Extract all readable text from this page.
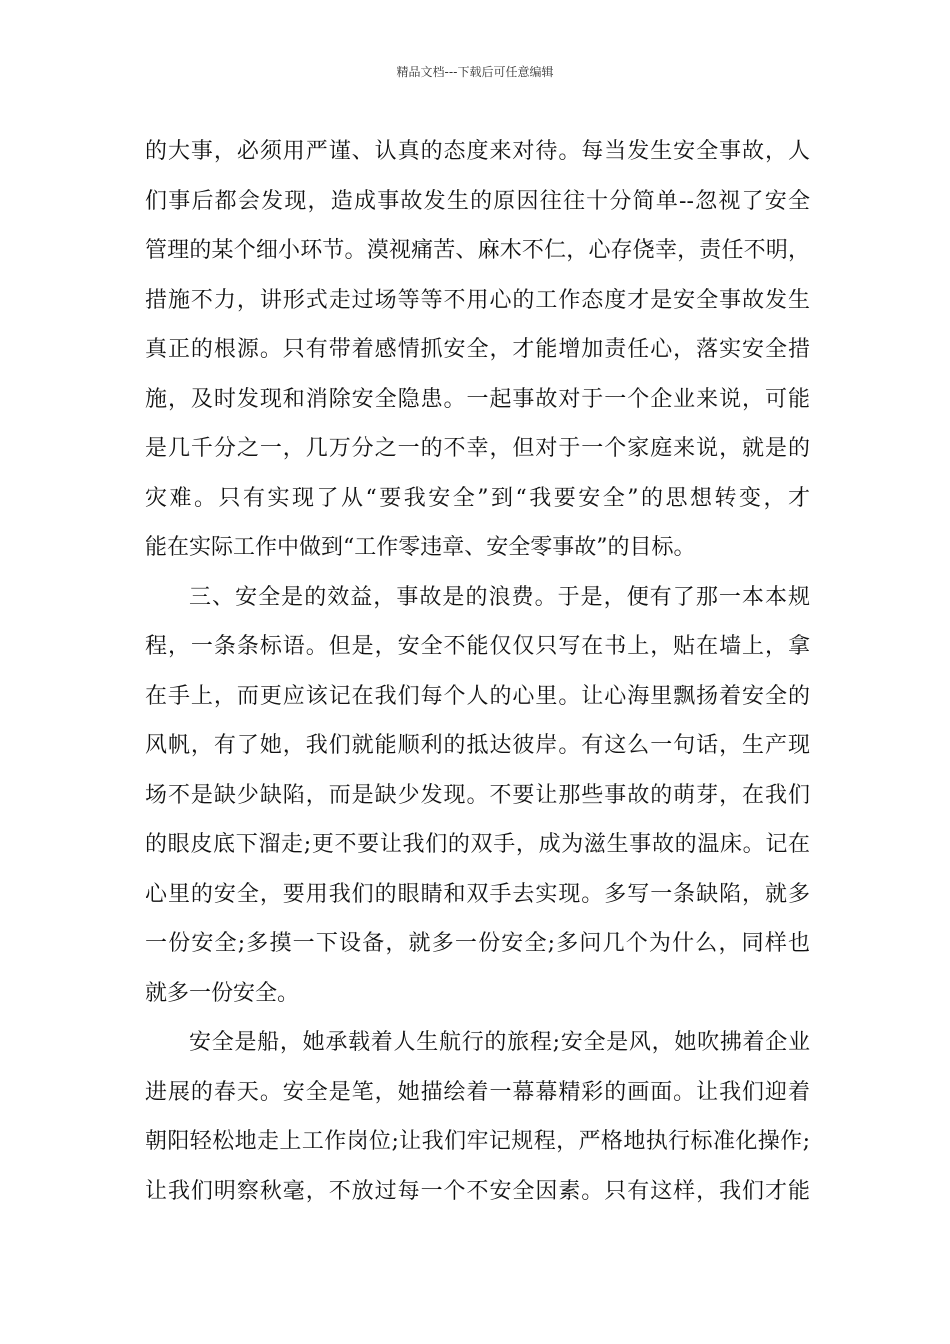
精品文档---下载后可任意编辑
的大事，必须用严谨、认真的态度来对待。每当发生安全事故，人
们事后都会发现，造成事故发生的原因往往十分简单--忽视了安全
管理的某个细小环节。漠视痛苦、麻木不仁，心存侥幸，责任不明，
措施不力，讲形式走过场等等不用心的工作态度才是安全事故发生
真正的根源。只有带着感情抓安全，才能增加责任心，落实安全措
施，及时发现和消除安全隐患。一起事故对于一个企业来说，可能
是几千分之一，几万分之一的不幸，但对于一个家庭来说，就是的
灾难。只有实现了从“要我安全”到“我要安全”的思想转变，才
能在实际工作中做到“工作零违章、安全零事故”的目标。
三、安全是的效益，事故是的浪费。于是，便有了那一本本规
程，一条条标语。但是，安全不能仅仅只写在书上，贴在墙上，拿
在手上，而更应该记在我们每个人的心里。让心海里飘扬着安全的
风帆，有了她，我们就能顺利的抵达彼岸。有这么一句话，生产现
场不是缺少缺陷，而是缺少发现。不要让那些事故的萌芽，在我们
的眼皮底下溜走;更不要让我们的双手，成为滋生事故的温床。记在
心里的安全，要用我们的眼睛和双手去实现。多写一条缺陷，就多
一份安全;多摸一下设备，就多一份安全;多问几个为什么，同样也
就多一份安全。
安全是船，她承载着人生航行的旅程;安全是风，她吹拂着企业
进展的春天。安全是笔，她描绘着一幕幕精彩的画面。让我们迎着
朝阳轻松地走上工作岗位;让我们牢记规程，严格地执行标准化操作;
让我们明察秋毫，不放过每一个不安全因素。只有这样，我们才能
